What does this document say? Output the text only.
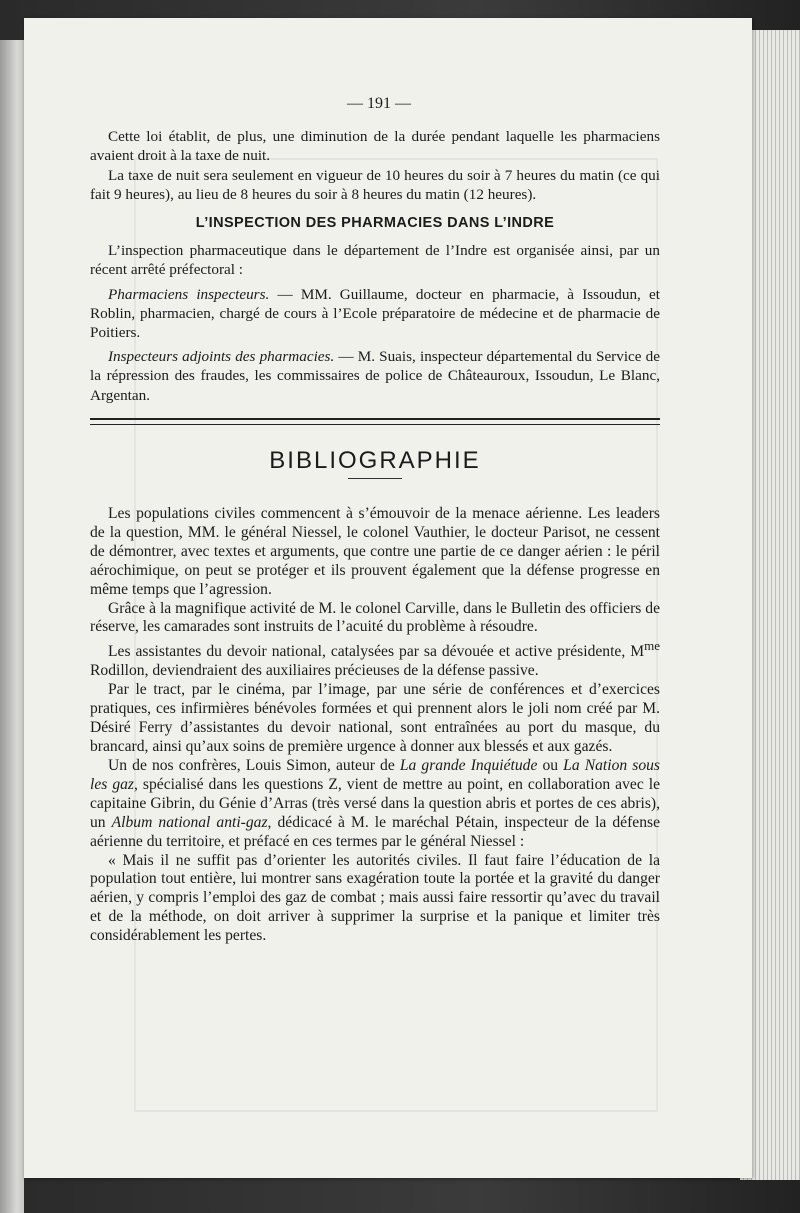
— 191 —

Cette loi établit, de plus, une diminution de la durée pendant laquelle les pharmaciens avaient droit à la taxe de nuit.

La taxe de nuit sera seulement en vigueur de 10 heures du soir à 7 heures du matin (ce qui fait 9 heures), au lieu de 8 heures du soir à 8 heures du matin (12 heures).

L’INSPECTION DES PHARMACIES DANS L’INDRE

L’inspection pharmaceutique dans le département de l’Indre est organisée ainsi, par un récent arrêté préfectoral :

Pharmaciens inspecteurs. — MM. Guillaume, docteur en pharmacie, à Issoudun, et Roblin, pharmacien, chargé de cours à l’Ecole préparatoire de médecine et de pharmacie de Poitiers.

Inspecteurs adjoints des pharmacies. — M. Suais, inspecteur départemental du Service de la répression des fraudes, les commissaires de police de Châteauroux, Issoudun, Le Blanc, Argentan.

BIBLIOGRAPHIE

Les populations civiles commencent à s’émouvoir de la menace aérienne. Les leaders de la question, MM. le général Niessel, le colonel Vauthier, le docteur Parisot, ne cessent de démontrer, avec textes et arguments, que contre une partie de ce danger aérien : le péril aérochimique, on peut se protéger et ils prouvent également que la défense progresse en même temps que l’agression.

Grâce à la magnifique activité de M. le colonel Carville, dans le Bulletin des officiers de réserve, les camarades sont instruits de l’acuité du problème à résoudre.

Les assistantes du devoir national, catalysées par sa dévouée et active présidente, $M^{me}$ Rodillon, deviendraient des auxiliaires précieuses de la défense passive.

Par le tract, par le cinéma, par l’image, par une série de conférences et d’exercices pratiques, ces infirmières bénévoles formées et qui prennent alors le joli nom créé par M. Désiré Ferry d’assistantes du devoir national, sont entraînées au port du masque, du brancard, ainsi qu’aux soins de première urgence à donner aux blessés et aux gazés.

Un de nos confrères, Louis Simon, auteur de La grande Inquiétude ou La Nation sous les gaz, spécialisé dans les questions Z, vient de mettre au point, en collaboration avec le capitaine Gibrin, du Génie d’Arras (très versé dans la question abris et portes de ces abris), un Album national anti-gaz, dédicacé à M. le maréchal Pétain, inspecteur de la défense aérienne du territoire, et préfacé en ces termes par le général Niessel :

« Mais il ne suffit pas d’orienter les autorités civiles. Il faut faire l’éducation de la population tout entière, lui montrer sans exagération toute la portée et la gravité du danger aérien, y compris l’emploi des gaz de combat ; mais aussi faire ressortir qu’avec du travail et de la méthode, on doit arriver à supprimer la surprise et la panique et limiter très considérablement les pertes.
